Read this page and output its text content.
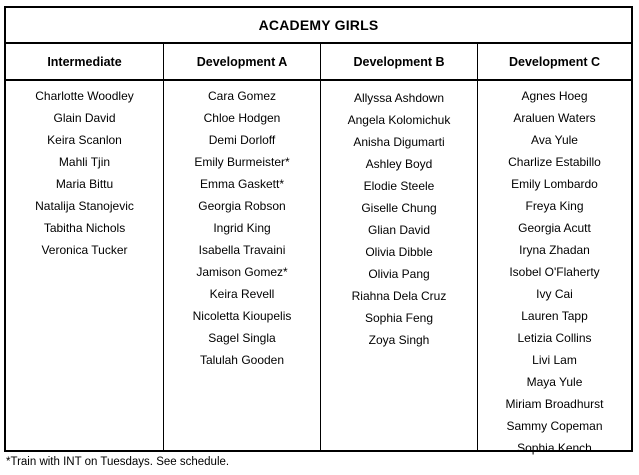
ACADEMY GIRLS
Intermediate
Charlotte Woodley
Glain David
Keira Scanlon
Mahli Tjin
Maria Bittu
Natalija Stanojevic
Tabitha Nichols
Veronica Tucker
Development A
Cara Gomez
Chloe Hodgen
Demi Dorloff
Emily Burmeister*
Emma Gaskett*
Georgia Robson
Ingrid King
Isabella Travaini
Jamison Gomez*
Keira Revell
Nicoletta Kioupelis
Sagel Singla
Talulah Gooden
Development B
Allyssa Ashdown
Angela Kolomichuk
Anisha Digumarti
Ashley Boyd
Elodie Steele
Giselle Chung
Glian David
Olivia Dibble
Olivia Pang
Riahna Dela Cruz
Sophia Feng
Zoya Singh
Development C
Agnes Hoeg
Araluen Waters
Ava Yule
Charlize Estabillo
Emily Lombardo
Freya King
Georgia Acutt
Iryna Zhadan
Isobel O'Flaherty
Ivy Cai
Lauren Tapp
Letizia Collins
Livi Lam
Maya Yule
Miriam Broadhurst
Sammy Copeman
Sophia Kench
*Train with INT on Tuesdays. See schedule.
